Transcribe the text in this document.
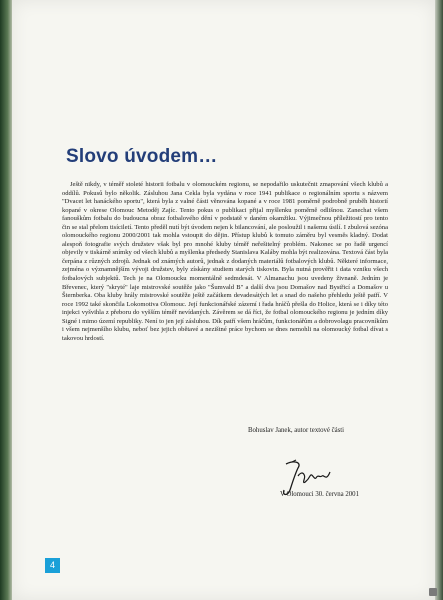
Slovo úvodem…

Ještě nikdy, v téměř stoleté historii fotbalu v olomouckém regionu, se nepodařilo uskutečnit zmapování všech klubů a oddílů. Pokusů bylo několik. Zásluhou Jana Cekla byla vydána v roce 1941 publikace o regionálním sportu s názvem "Dvacet let hanáckého sportu", která byla z valné části věnována kopané a v roce 1981 poměrně podrobně pruběh historií kopané v okrese Olomouc Metoděj Zajíc. Tento pokus o publikaci přijal myšlenku poměrně odlišnou. Zanechat všem fanouškům fotbalu do budoucna obraz fotbalového dění v podstatě v daném okamžiku. Výjimečnou příležitostí pro tento čin se stal přelom tisíciletí. Tento předěl nutí být úvodem nejen k bilancování, ale posloužil i našemu úsilí. I zbulová sezóna olomouckého regionu 2000/2001 tak mohla vstoupit do dějin. Přístup klubů k tomuto záměru byl vesměs kladný. Dodat alespoň fotografie svých družstev však byl pro mnohé kluby téměř neřešitelný problém. Nakonec se po řadě urgencí objevily v tiskárně snímky od všech klubů a myšlenka předsedy Stanislava Kaláby mohla být realizována. Textová část byla čerpána z různých zdrojů. Jednak od známých autorů, jednak z dodaných materiálů fotbalových klubů. Některé informace, zejména o významnějším vývoji družstev, byly získány studiem starých tiskovin. Byla nutná prověřit i data vzniku všech fotbalových subjektů. Tech je na Olomoucku momentálně sedmdesát. V Almanachu jsou uvedeny živnaně. Jedním je Břevenec, který "skryté" laje mistrovské soutěže jako "Šumvald B" a další dva jsou Domašov nad Bystřicí a Domašov u Šternberka. Oba kluby hrály mistrovské soutěže ještě začátkem devadesátých let a snad do našeho přehledu ještě patří. V roce 1992 také skončila Lokomotiva Olomouc. Její funkcionářské zázemí i řada hráčů přešla do Holice, která se i díky této injekci vyšvihla z přeboru do vyšším téměř nevídaných. Závěrem se dá říci, že fotbal olomouckého regionu je jedním díky Signé i mimo území republiky. Není to jen její zásluhou. Dík patří všem hráčům, funkcionářům a dobrovolagu pracovníkům i všem nejmenšího klubu, neboť bez jejich obětavé a nezištné práce bychom se dnes nemohli na olomoucký fotbal dívat s takovou hrdostí.

Bohuslav Janek, autor textové části
V Olomouci 30. června 2001
4
